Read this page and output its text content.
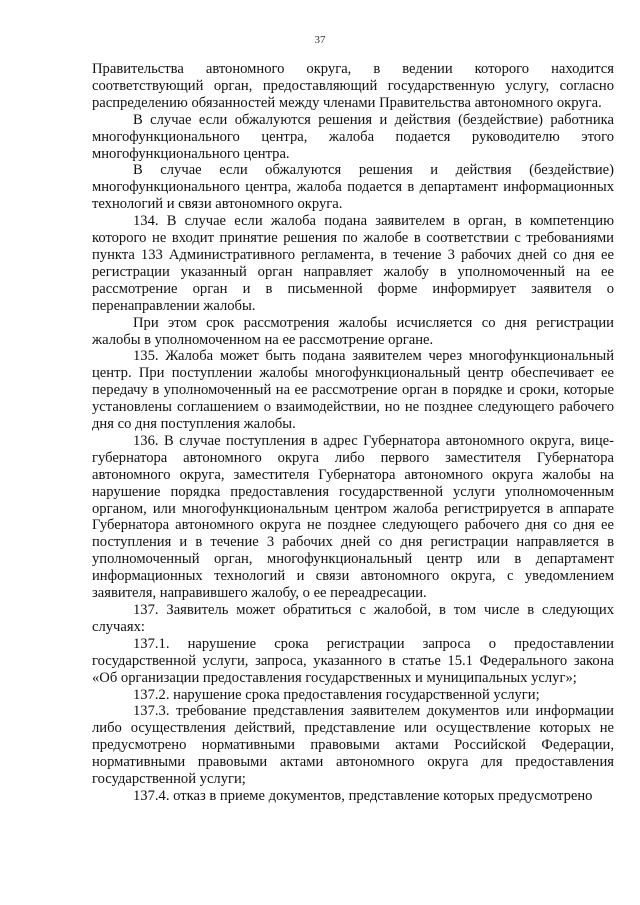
37

Правительства автономного округа, в ведении которого находится соответствующий орган, предоставляющий государственную услугу, согласно распределению обязанностей между членами Правительства автономного округа.

В случае если обжалуются решения и действия (бездействие) работника многофункционального центра, жалоба подается руководителю этого многофункционального центра.

В случае если обжалуются решения и действия (бездействие) многофункционального центра, жалоба подается в департамент информационных технологий и связи автономного округа.

134. В случае если жалоба подана заявителем в орган, в компетенцию которого не входит принятие решения по жалобе в соответствии с требованиями пункта 133 Административного регламента, в течение 3 рабочих дней со дня ее регистрации указанный орган направляет жалобу в уполномоченный на ее рассмотрение орган и в письменной форме информирует заявителя о перенаправлении жалобы.

При этом срок рассмотрения жалобы исчисляется со дня регистрации жалобы в уполномоченном на ее рассмотрение органе.

135. Жалоба может быть подана заявителем через многофункциональный центр. При поступлении жалобы многофункциональный центр обеспечивает ее передачу в уполномоченный на ее рассмотрение орган в порядке и сроки, которые установлены соглашением о взаимодействии, но не позднее следующего рабочего дня со дня поступления жалобы.

136. В случае поступления в адрес Губернатора автономного округа, вице-губернатора автономного округа либо первого заместителя Губернатора автономного округа, заместителя Губернатора автономного округа жалобы на нарушение порядка предоставления государственной услуги уполномоченным органом, или многофункциональным центром жалоба регистрируется в аппарате Губернатора автономного округа не позднее следующего рабочего дня со дня ее поступления и в течение 3 рабочих дней со дня регистрации направляется в уполномоченный орган, многофункциональный центр или в департамент информационных технологий и связи автономного округа, с уведомлением заявителя, направившего жалобу, о ее переадресации.

137. Заявитель может обратиться с жалобой, в том числе в следующих случаях:

137.1. нарушение срока регистрации запроса о предоставлении государственной услуги, запроса, указанного в статье 15.1 Федерального закона «Об организации предоставления государственных и муниципальных услуг»;

137.2. нарушение срока предоставления государственной услуги;

137.3. требование представления заявителем документов или информации либо осуществления действий, представление или осуществление которых не предусмотрено нормативными правовыми актами Российской Федерации, нормативными правовыми актами автономного округа для предоставления государственной услуги;

137.4. отказ в приеме документов, представление которых предусмотрено
